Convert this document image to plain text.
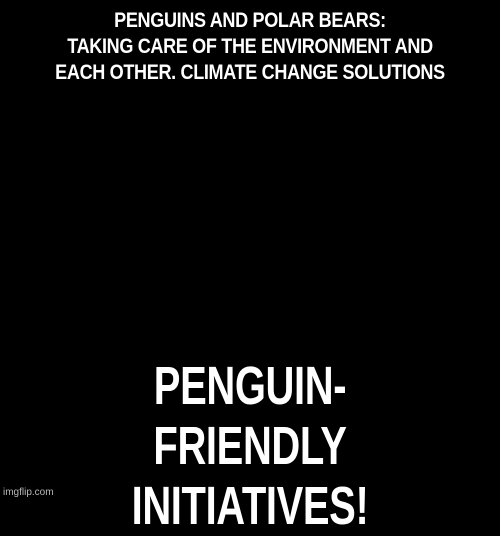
PENGUINS AND POLAR BEARS:
TAKING CARE OF THE ENVIRONMENT AND
EACH OTHER. CLIMATE CHANGE SOLUTIONS
PENGUIN-FRIENDLY
INITIATIVES!
imgflip.com
